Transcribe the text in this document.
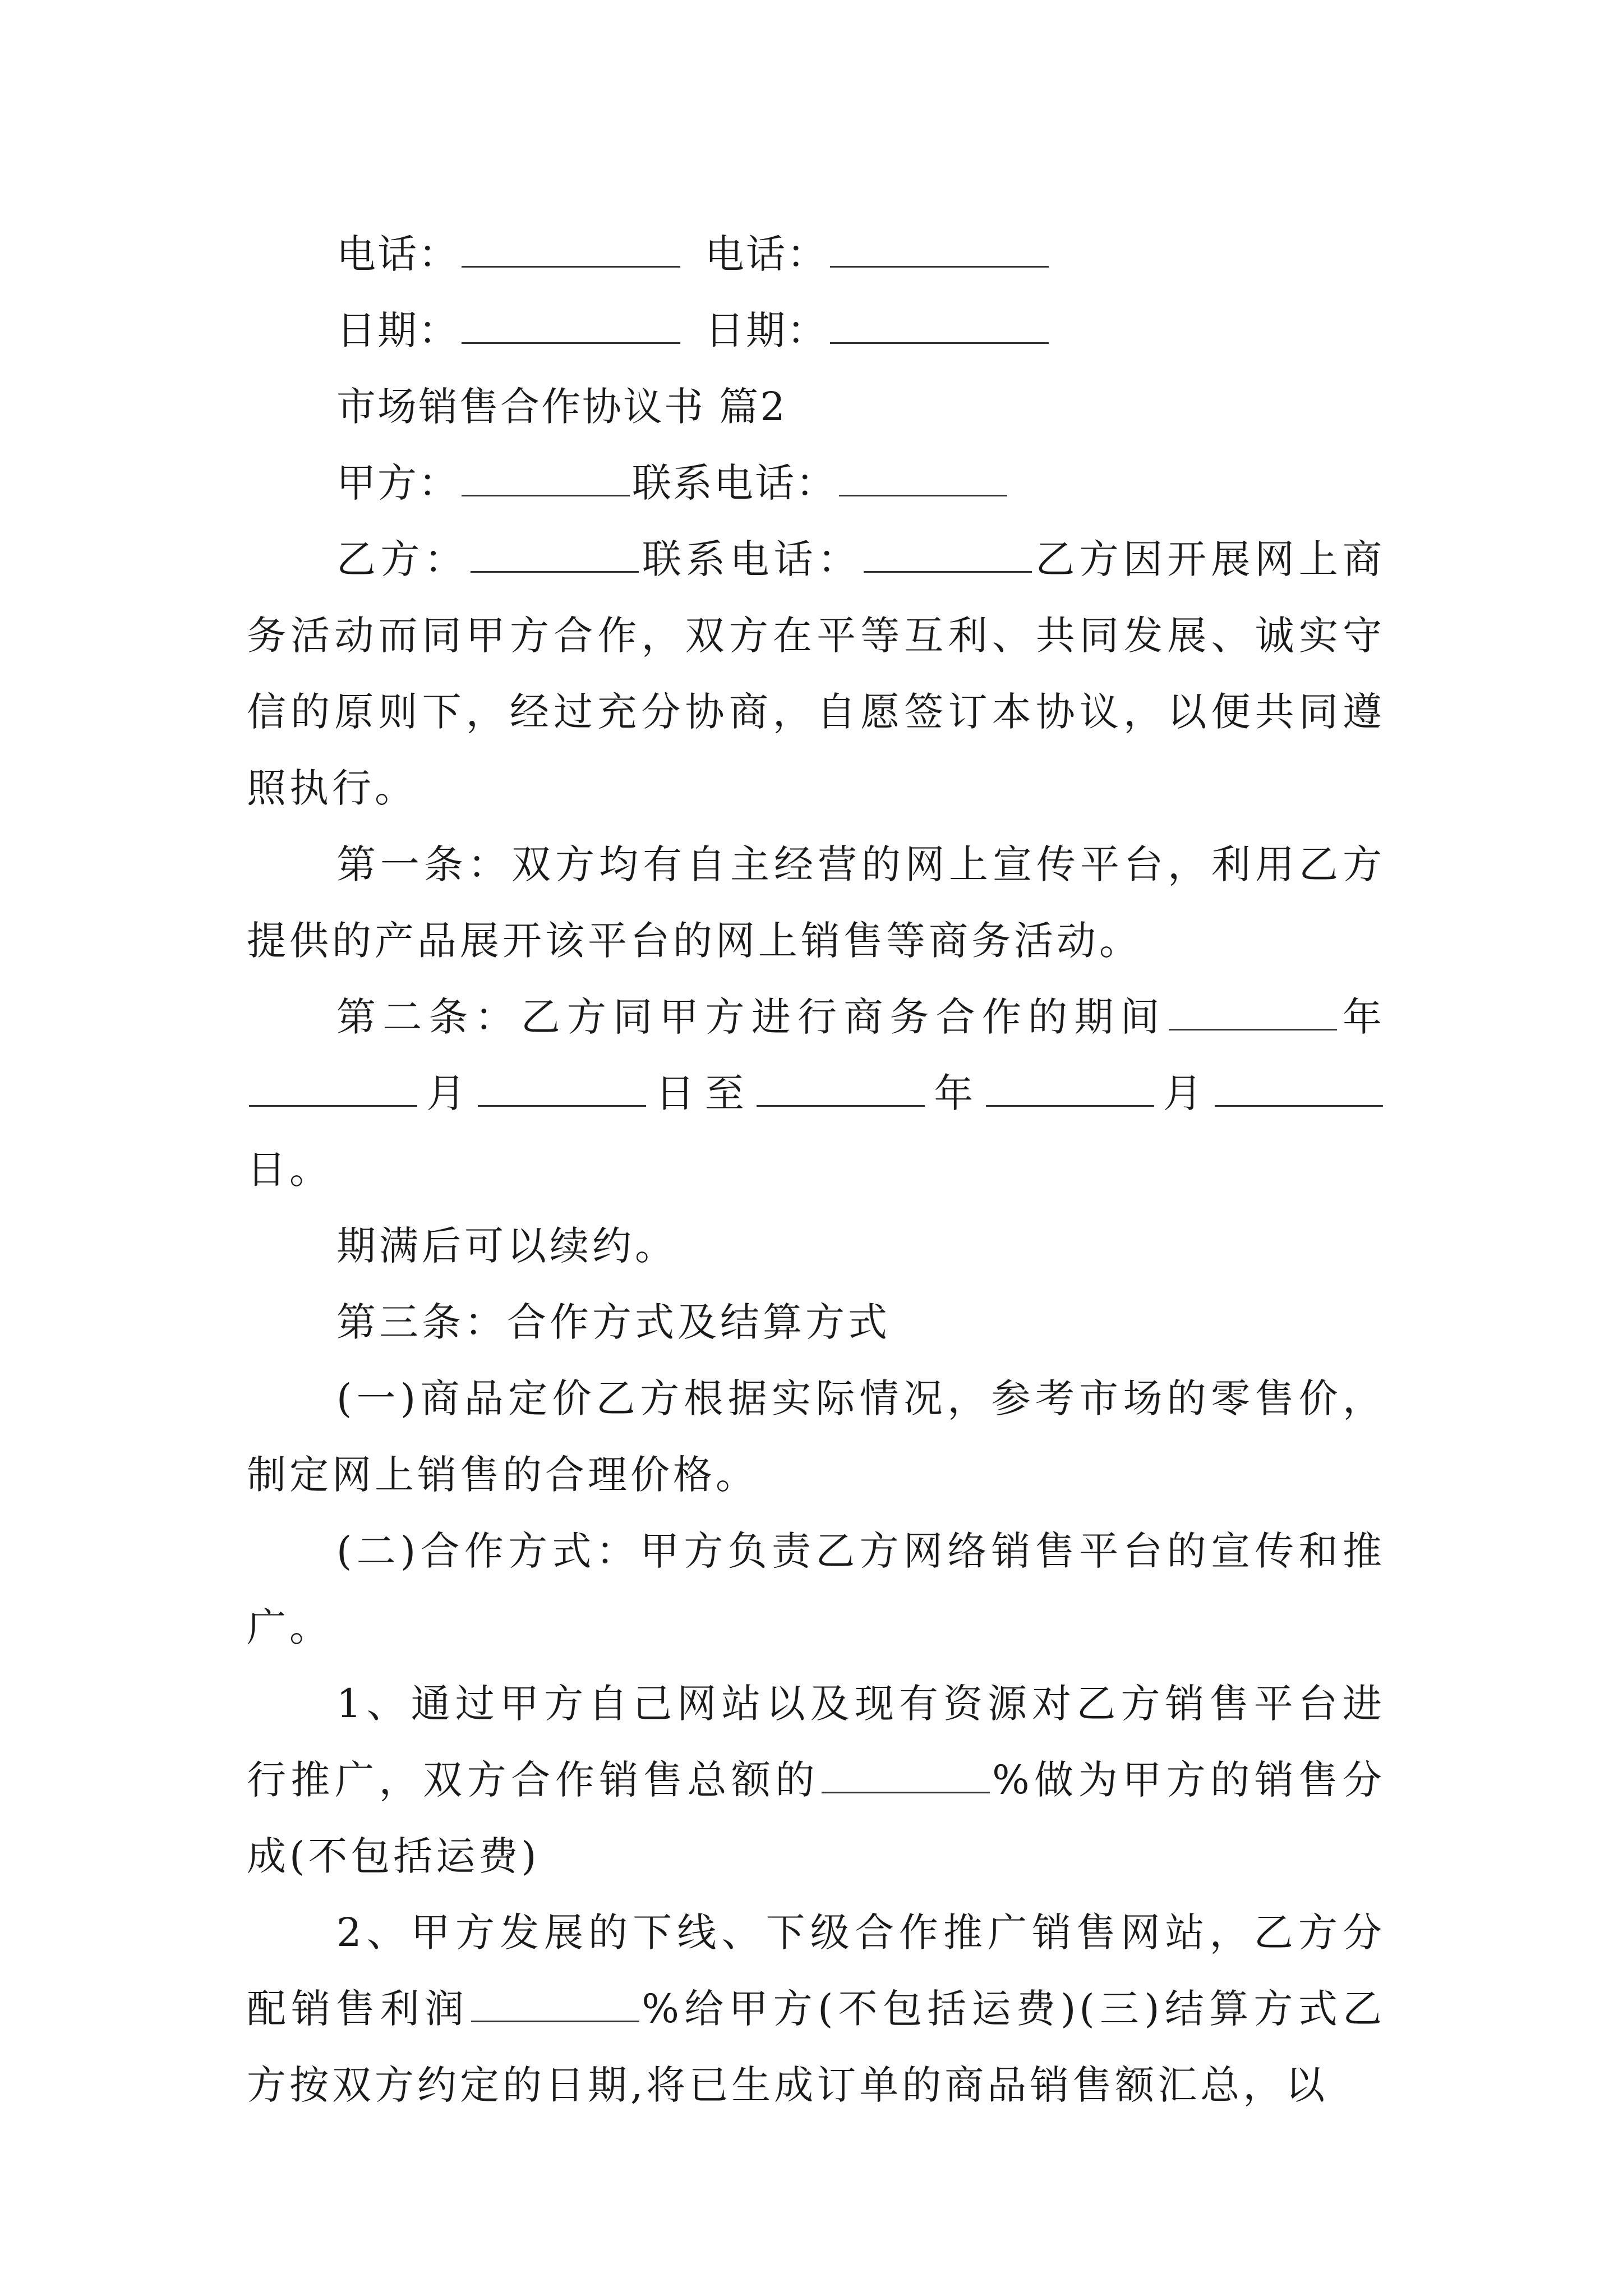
电话：	电话：
日期：	日期：
市场销售合作协议书 篇2
甲方：	联系电话：

乙方：	联系电话：	乙方因开展网上商务活动而同甲方合作，双方在平等互利、共同发展、诚实守信的原则下，经过充分协商，自愿签订本协议，以便共同遵照执行。

第一条：双方均有自主经营的网上宣传平台，利用乙方提供的产品展开该平台的网上销售等商务活动。

第二条：乙方同甲方进行商务合作的期间	年月	日至	年	月日。

期满后可以续约。

第三条：合作方式及结算方式

(一)商品定价乙方根据实际情况，参考市场的零售价，制定网上销售的合理价格。

(二)合作方式：甲方负责乙方网络销售平台的宣传和推广。

1、通过甲方自己网站以及现有资源对乙方销售平台进行推广，双方合作销售总额的	%做为甲方的销售分成(不包括运费)

2、甲方发展的下线、下级合作推广销售网站，乙方分配销售利润	%给甲方(不包括运费)(三)结算方式乙方按双方约定的日期,将已生成订单的商品销售额汇总，以
